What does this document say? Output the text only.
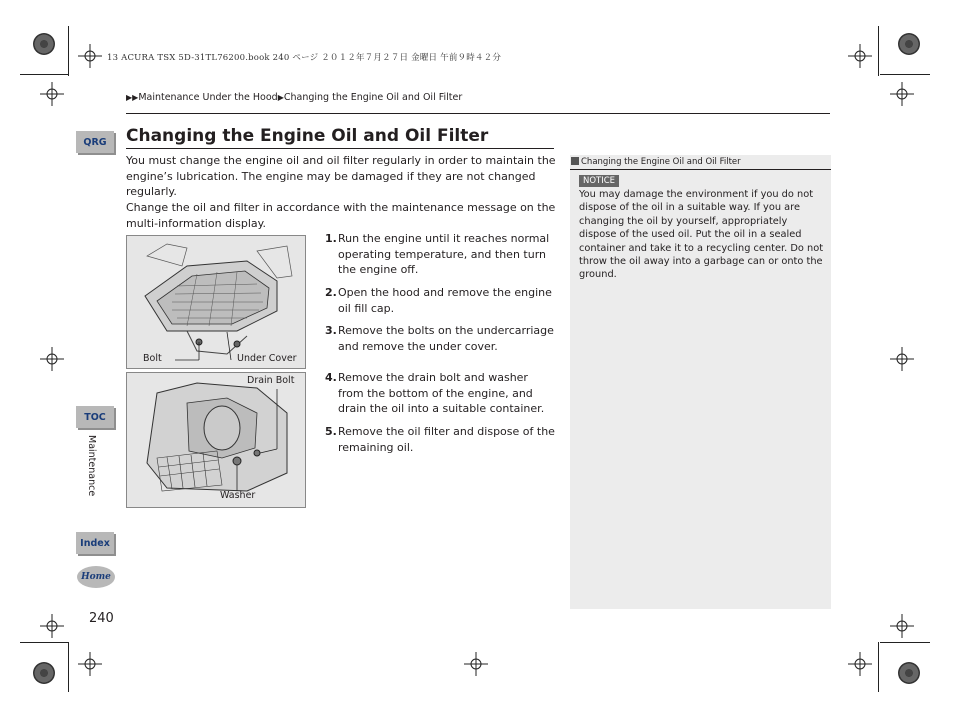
13 ACURA TSX 5D-31TL76200.book 240 ページ ２０１２年７月２７日 金曜日 午前９時４２分
▶▶Maintenance Under the Hood▶Changing the Engine Oil and Oil Filter
QRG
TOC
Maintenance
Index
Home
240
Changing the Engine Oil and Oil Filter
You must change the engine oil and oil filter regularly in order to maintain the engine’s lubrication. The engine may be damaged if they are not changed regularly.
Change the oil and filter in accordance with the maintenance message on the multi-information display.
Bolt	Under Cover
Drain Bolt
Washer
1. Run the engine until it reaches normal operating temperature, and then turn the engine off.
2. Open the hood and remove the engine oil fill cap.
3. Remove the bolts on the undercarriage and remove the under cover.
4. Remove the drain bolt and washer from the bottom of the engine, and drain the oil into a suitable container.
5. Remove the oil filter and dispose of the remaining oil.
Changing the Engine Oil and Oil Filter
NOTICE
You may damage the environment if you do not dispose of the oil in a suitable way. If you are changing the oil by yourself, appropriately dispose of the used oil. Put the oil in a sealed container and take it to a recycling center. Do not throw the oil away into a garbage can or onto the ground.
